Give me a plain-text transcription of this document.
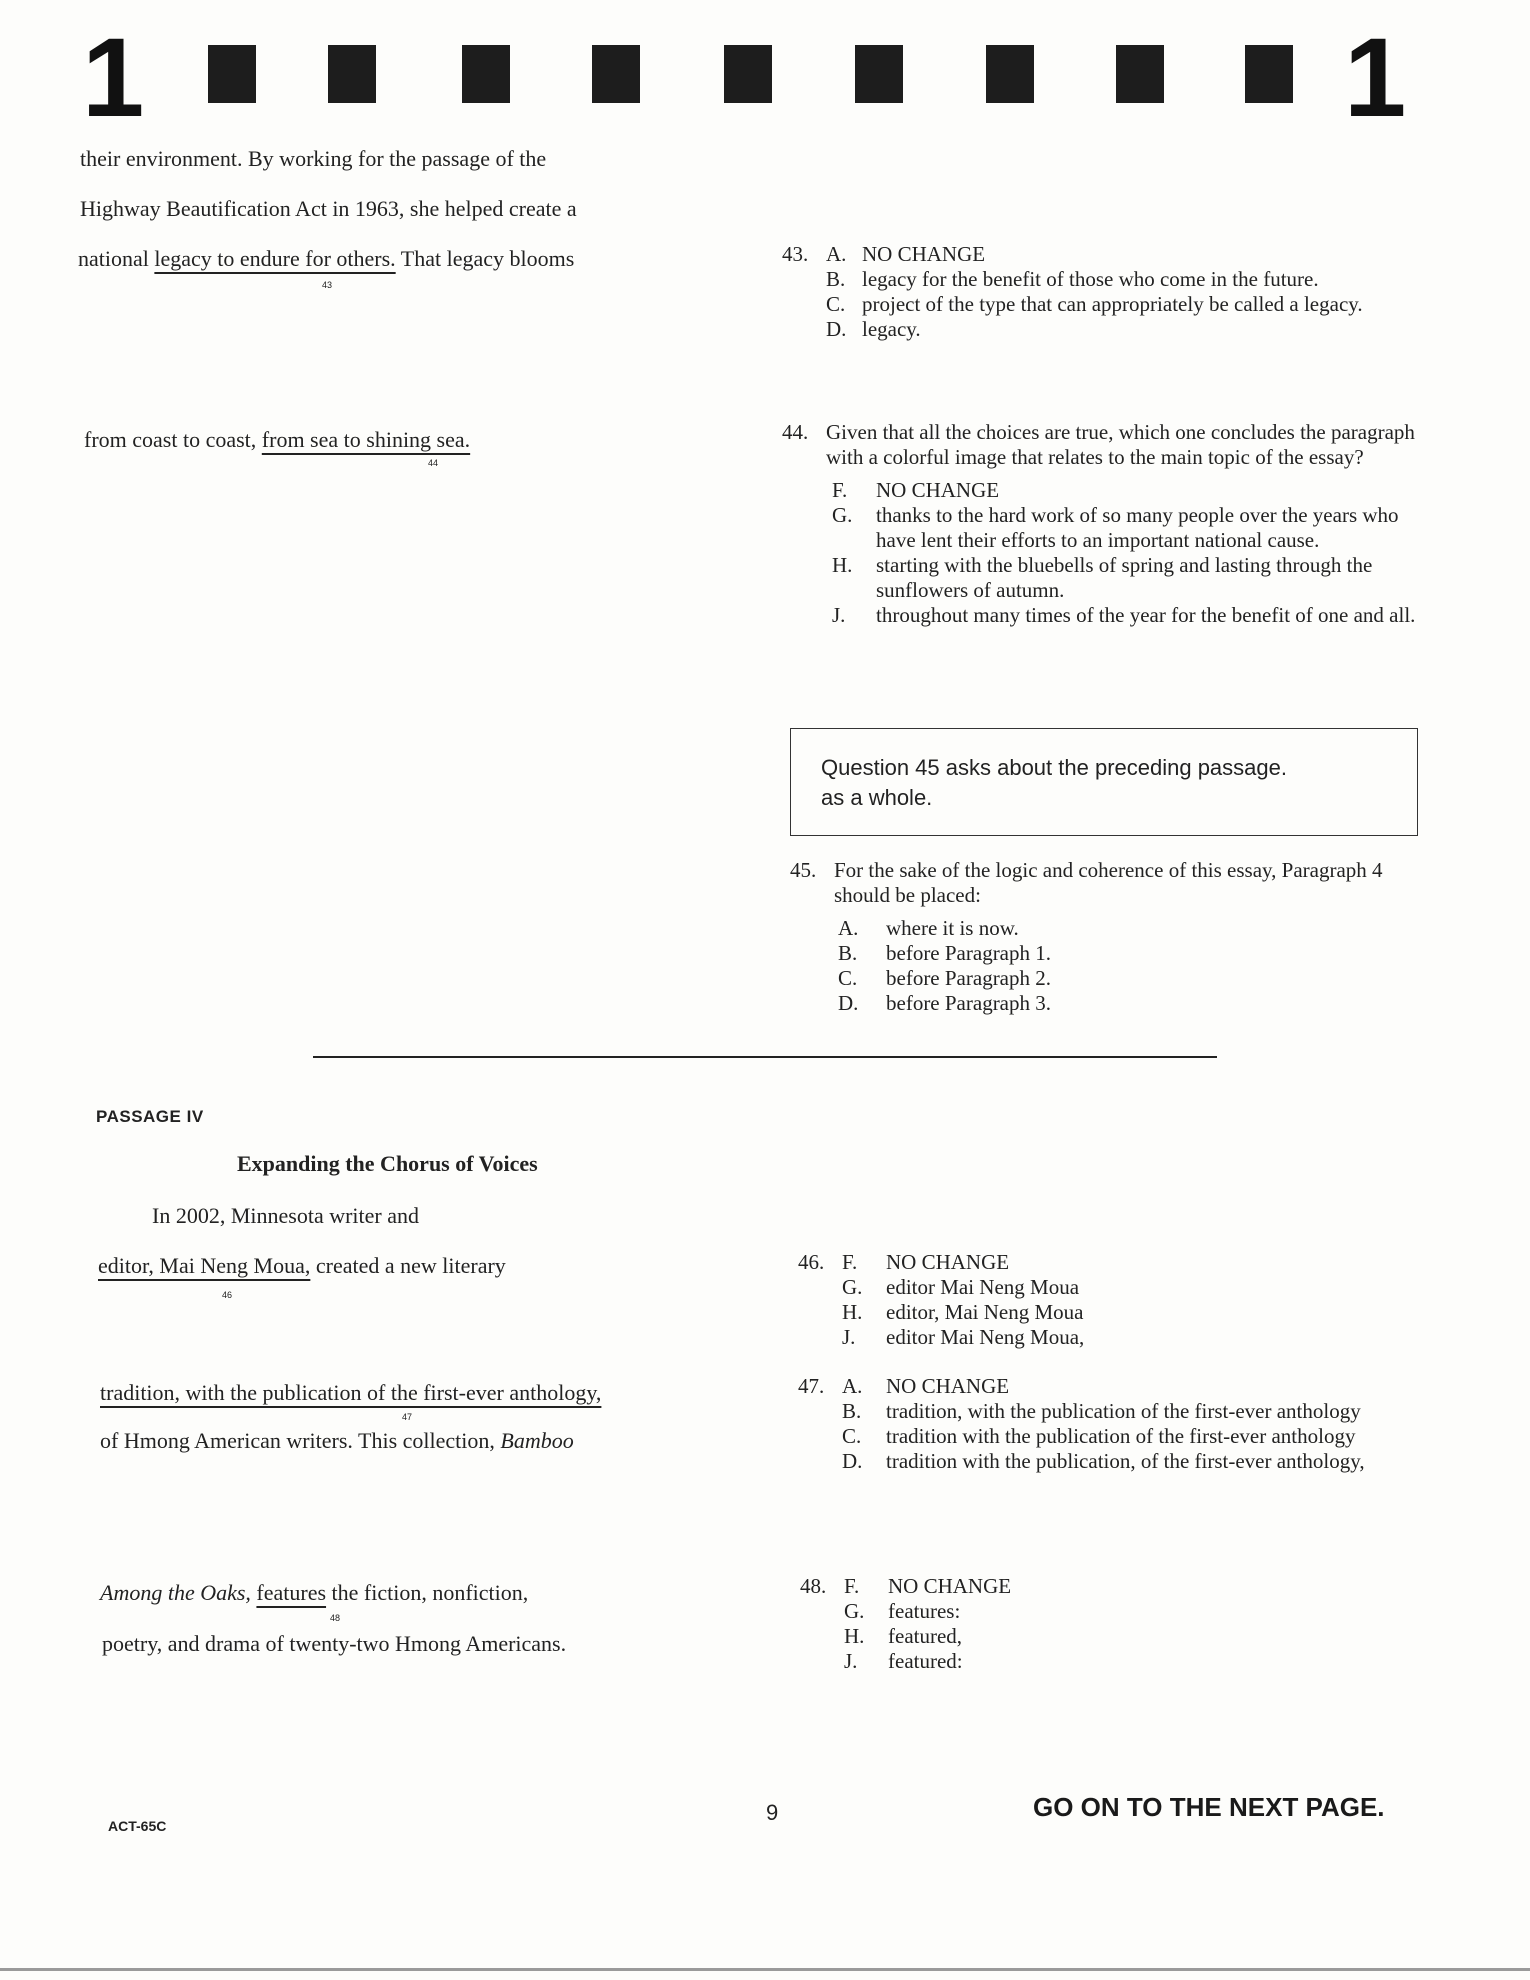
1	1
their environment. By working for the passage of the
Highway Beautification Act in 1963, she helped create a
national legacy to endure for others. That legacy blooms
43
from coast to coast, from sea to shining sea.
44
43. A. NO CHANGE
B. legacy for the benefit of those who come in the future.
C. project of the type that can appropriately be called a legacy.
D. legacy.
44. Given that all the choices are true, which one concludes the paragraph with a colorful image that relates to the main topic of the essay?
F.	NO CHANGE
G.	thanks to the hard work of so many people over the years who have lent their efforts to an important national cause.
H.	starting with the bluebells of spring and lasting through the sunflowers of autumn.
J.	throughout many times of the year for the benefit of one and all.
Question 45 asks about the preceding passage.
as a whole.
45. For the sake of the logic and coherence of this essay, Paragraph 4 should be placed:
A.	where it is now.
B.	before Paragraph 1.
C.	before Paragraph 2.
D.	before Paragraph 3.
PASSAGE IV
Expanding the Chorus of Voices
In 2002, Minnesota writer and
editor, Mai Neng Moua, created a new literary
46
tradition, with the publication of the first-ever anthology,
47
of Hmong American writers. This collection, Bamboo
Among the Oaks, features the fiction, nonfiction,
48
poetry, and drama of twenty-two Hmong Americans.
46. F.	NO CHANGE
G.	editor Mai Neng Moua
H.	editor, Mai Neng Moua
J.	editor Mai Neng Moua,
47. A.	NO CHANGE
B.	tradition, with the publication of the first-ever anthology
C.	tradition with the publication of the first-ever anthology
D.	tradition with the publication, of the first-ever anthology,
48. F.	NO CHANGE
G.	features:
H.	featured,
J.	featured:
ACT-65C
9	GO ON TO THE NEXT PAGE.
